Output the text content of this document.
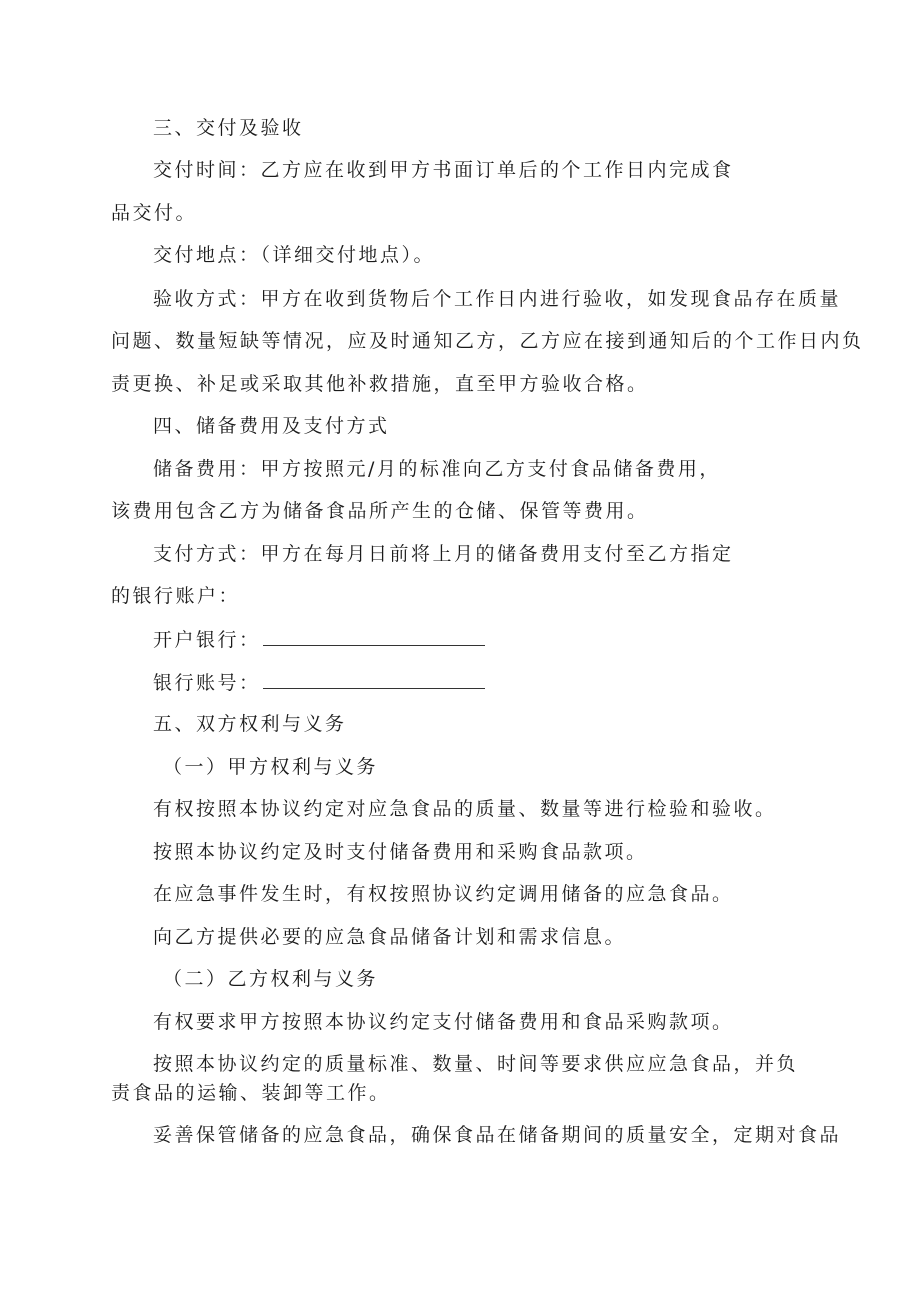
三、交付及验收

交付时间：乙方应在收到甲方书面订单后的个工作日内完成食

品交付。

交付地点：（详细交付地点）。

验收方式：甲方在收到货物后个工作日内进行验收，如发现食品存在质量

问题、数量短缺等情况，应及时通知乙方，乙方应在接到通知后的个工作日内负

责更换、补足或采取其他补救措施，直至甲方验收合格。

四、储备费用及支付方式

储备费用：甲方按照元/月的标准向乙方支付食品储备费用，

该费用包含乙方为储备食品所产生的仓储、保管等费用。

支付方式：甲方在每月日前将上月的储备费用支付至乙方指定

的银行账户：

开户银行：

银行账号：

五、双方权利与义务

（一）甲方权利与义务

有权按照本协议约定对应急食品的质量、数量等进行检验和验收。

按照本协议约定及时支付储备费用和采购食品款项。

在应急事件发生时，有权按照协议约定调用储备的应急食品。

向乙方提供必要的应急食品储备计划和需求信息。

（二）乙方权利与义务

有权要求甲方按照本协议约定支付储备费用和食品采购款项。

按照本协议约定的质量标准、数量、时间等要求供应应急食品，并负

责食品的运输、装卸等工作。

妥善保管储备的应急食品，确保食品在储备期间的质量安全，定期对食品
